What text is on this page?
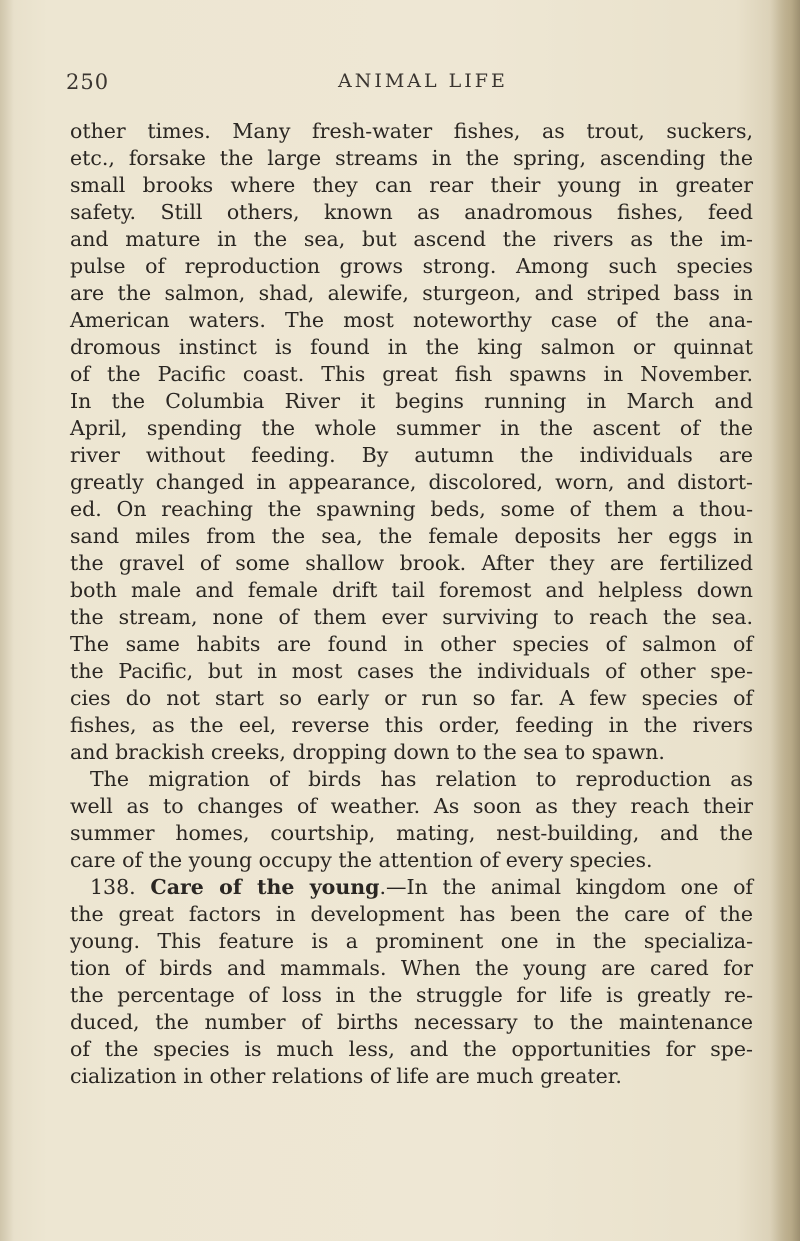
250	ANIMAL LIFE
other times. Many fresh-water fishes, as trout, suckers,
etc., forsake the large streams in the spring, ascending the
small brooks where they can rear their young in greater
safety. Still others, known as anadromous fishes, feed
and mature in the sea, but ascend the rivers as the im-
pulse of reproduction grows strong. Among such species
are the salmon, shad, alewife, sturgeon, and striped bass in
American waters. The most noteworthy case of the ana-
dromous instinct is found in the king salmon or quinnat
of the Pacific coast. This great fish spawns in November.
In the Columbia River it begins running in March and
April, spending the whole summer in the ascent of the
river without feeding. By autumn the individuals are
greatly changed in appearance, discolored, worn, and distort-
ed. On reaching the spawning beds, some of them a thou-
sand miles from the sea, the female deposits her eggs in
the gravel of some shallow brook. After they are fertilized
both male and female drift tail foremost and helpless down
the stream, none of them ever surviving to reach the sea.
The same habits are found in other species of salmon of
the Pacific, but in most cases the individuals of other spe-
cies do not start so early or run so far. A few species of
fishes, as the eel, reverse this order, feeding in the rivers
and brackish creeks, dropping down to the sea to spawn.
The migration of birds has relation to reproduction as
well as to changes of weather. As soon as they reach their
summer homes, courtship, mating, nest-building, and the
care of the young occupy the attention of every species.
138. Care of the young.—In the animal kingdom one of
the great factors in development has been the care of the
young. This feature is a prominent one in the specializa-
tion of birds and mammals. When the young are cared for
the percentage of loss in the struggle for life is greatly re-
duced, the number of births necessary to the maintenance
of the species is much less, and the opportunities for spe-
cialization in other relations of life are much greater.
